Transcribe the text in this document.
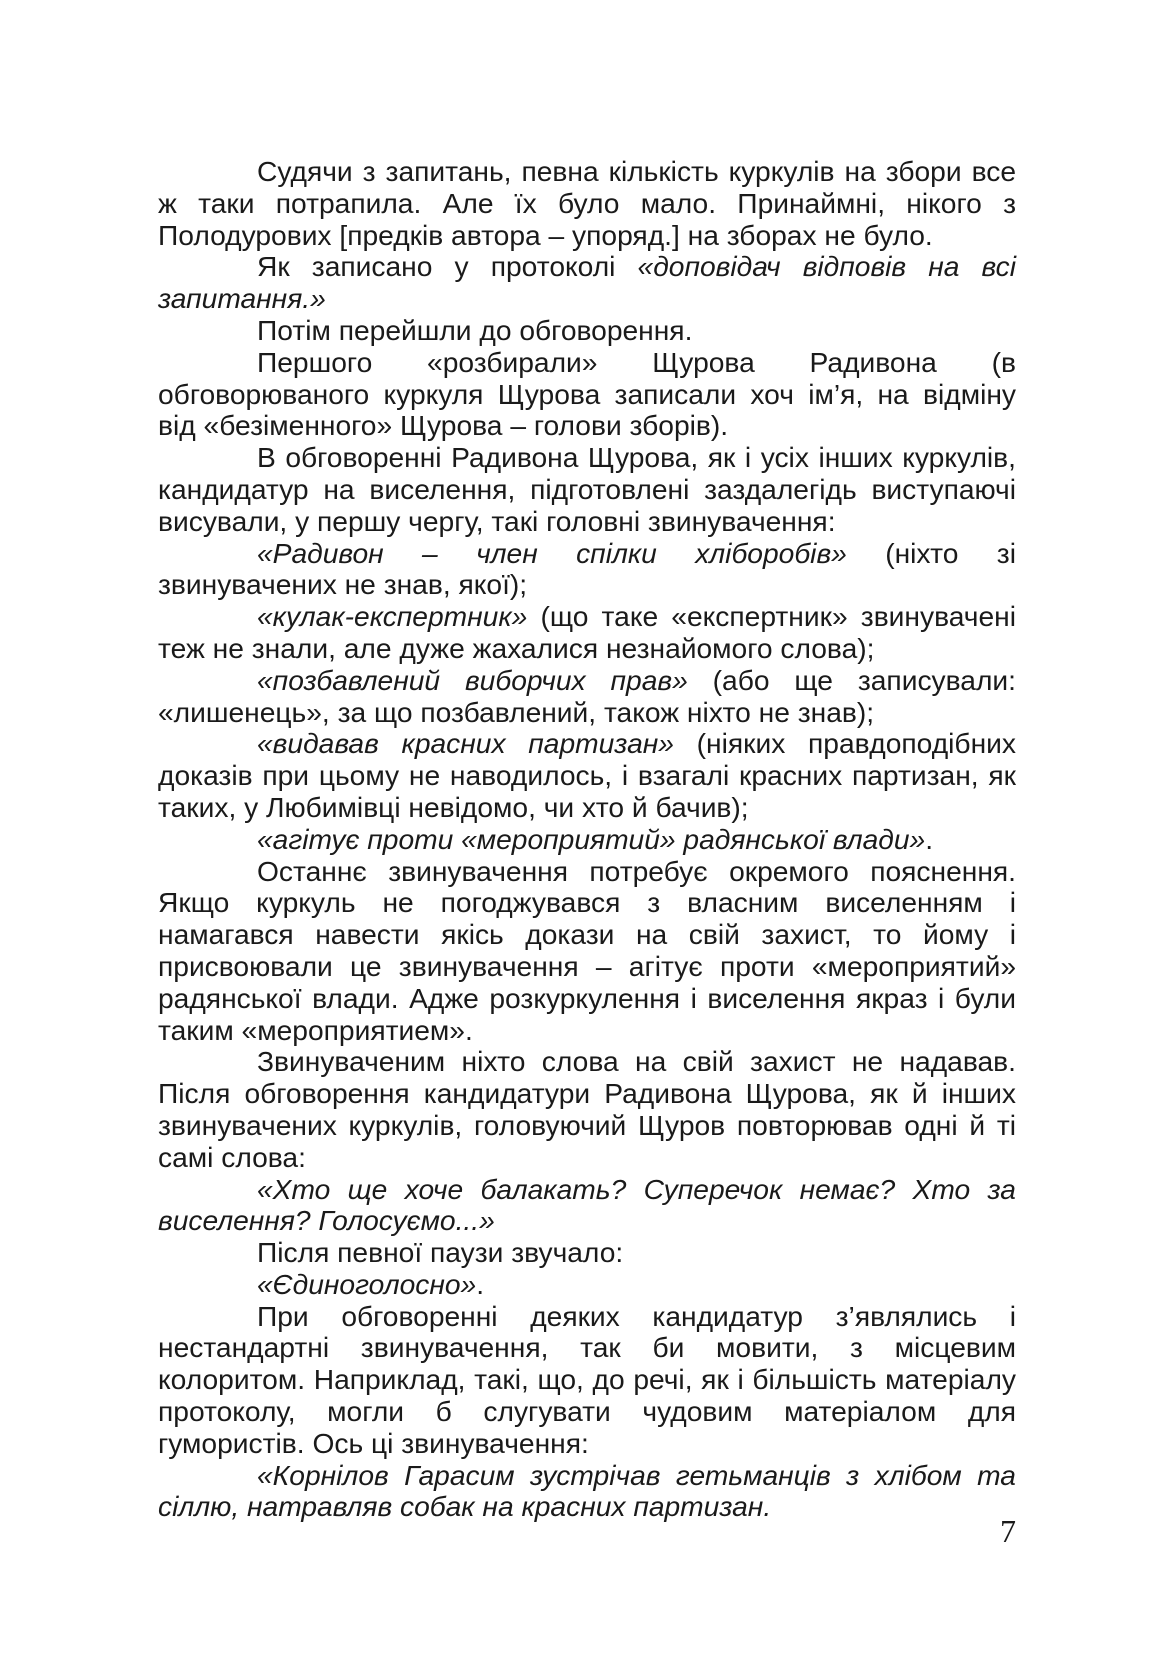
Судячи з запитань, певна кількість куркулів на збори все ж таки потрапила. Але їх було мало. Принаймні, нікого з Полодурових [предків автора – упоряд.] на зборах не було.

Як записано у протоколі «доповідач відповів на всі запитання.»

Потім перейшли до обговорення.

Першого «розбирали» Щурова Радивона (в обговорюваного куркуля Щурова записали хоч ім’я, на відміну від «безіменного» Щурова – голови зборів).

В обговоренні Радивона Щурова, як і усіх інших куркулів, кандидатур на виселення, підготовлені заздалегідь виступаючі висували, у першу чергу, такі головні звинувачення:

«Радивон – член спілки хліборобів» (ніхто зі звинувачених не знав, якої);

«кулак-експертник» (що таке «експертник» звинувачені теж не знали, але дуже жахалися незнайомого слова);

«позбавлений виборчих прав» (або ще записували: «лишенець», за що позбавлений, також ніхто не знав);

«видавав красних партизан» (ніяких правдоподібних доказів при цьому не наводилось, і взагалі красних партизан, як таких, у Любимівці невідомо, чи хто й бачив);

«агітує проти «мероприятий» радянської влади».

Останнє звинувачення потребує окремого пояснення. Якщо куркуль не погоджувався з власним виселенням і намагався навести якісь докази на свій захист, то йому і присвоювали це звинувачення – агітує проти «мероприятий» радянської влади. Адже розкуркулення і виселення якраз і були таким «мероприятием».

Звинуваченим ніхто слова на свій захист не надавав. Після обговорення кандидатури Радивона Щурова, як й інших звинувачених куркулів, головуючий Щуров повторював одні й ті самі слова:

«Хто ще хоче балакать? Суперечок немає? Хто за виселення? Голосуємо...»

Після певної паузи звучало:

«Єдиноголосно».

При обговоренні деяких кандидатур з’являлись і нестандартні звинувачення, так би мовити, з місцевим колоритом. Наприклад, такі, що, до речі, як і більшість матеріалу протоколу, могли б слугувати чудовим матеріалом для гумористів. Ось ці звинувачення:

«Корнілов Гарасим зустрічав гетьманців з хлібом та сіллю, натравляв собак на красних партизан.

7
